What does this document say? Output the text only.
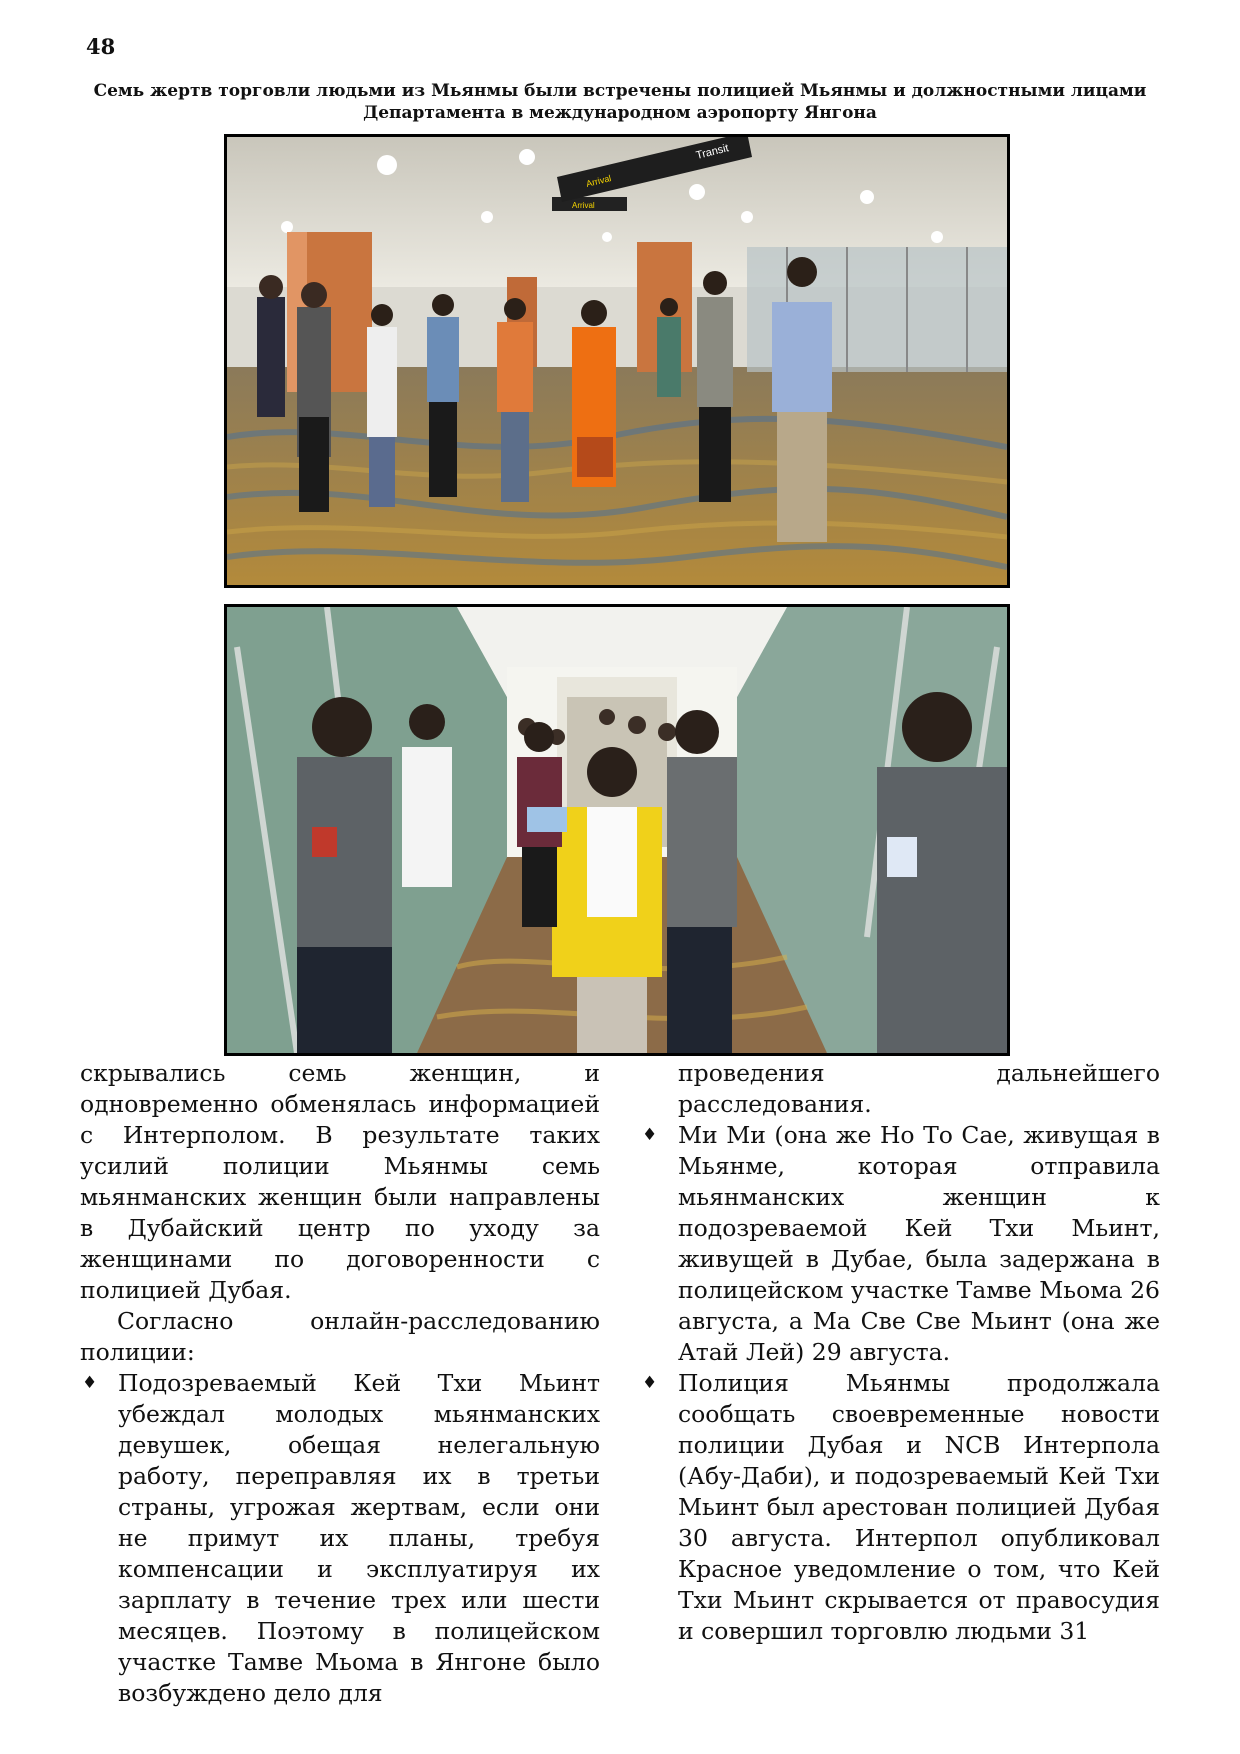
48
Семь жертв торговли людьми из Мьянмы были встречены полицией Мьянмы и должностными лицами Департамента в международном аэропорту Янгона
Transit
Arrival
Arrival

скрывались семь женщин, и одновременно обменялась информацией с Интерполом. В результате таких усилий полиции Мьянмы семь мьянманских женщин были направлены в Дубайский центр по уходу за женщинами по договоренности с полицией Дубая.

Согласно онлайн-расследованию полиции:

♦ Подозреваемый Кей Тхи Мьинт убеждал молодых мьянманских девушек, обещая нелегальную работу, переправляя их в третьи страны, угрожая жертвам, если они не примут их планы, требуя компенсации и эксплуатируя их зарплату в течение трех или шести месяцев. Поэтому в полицейском участке Тамве Мьома в Янгоне было возбуждено дело для
проведения дальнейшего расследования.
♦ Ми Ми (она же Но То Сае, живущая в Мьянме, которая отправила мьянманских женщин к подозреваемой Кей Тхи Мьинт, живущей в Дубае, была задержана в полицейском участке Тамве Мьома 26 августа, а Ма Све Све Мьинт (она же Атай Лей) 29 августа.
♦ Полиция Мьянмы продолжала сообщать своевременные новости полиции Дубая и NCB Интерпола (Абу-Даби), и подозреваемый Кей Тхи Мьинт был арестован полицией Дубая 30 августа. Интерпол опубликовал Красное уведомление о том, что Кей Тхи Мьинт скрывается от правосудия и совершил торговлю людьми 31
